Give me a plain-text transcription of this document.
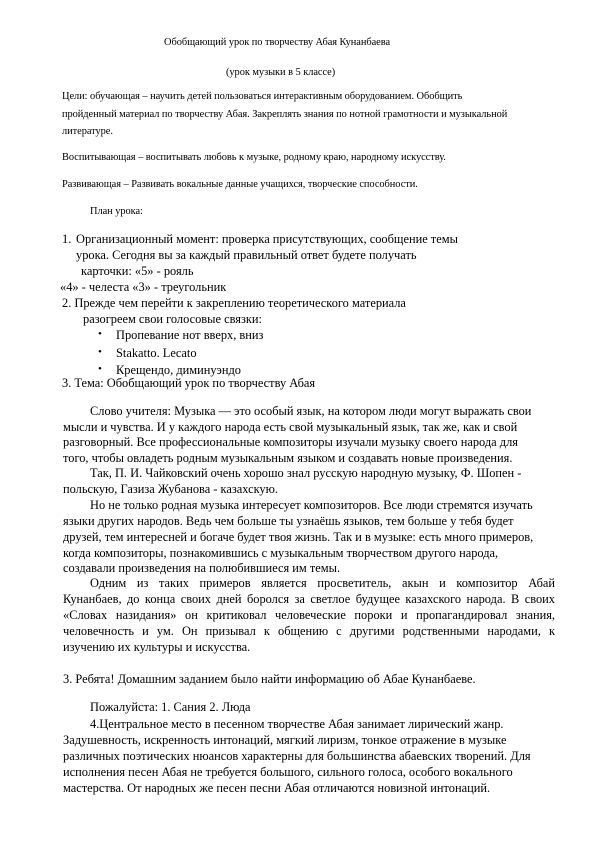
Обобщающий урок по творчеству Абая Кунанбаева
(урок музыки в 5 классе)
Цели: обучающая – научить детей пользоваться интерактивным оборудованием. Обобщить
пройденный материал по творчеству Абая. Закреплять знания по нотной грамотности и музыкальной
литературе.
Воспитывающая – воспитывать любовь к музыке, родному краю, народному искусству.
Развивающая – Развивать вокальные данные учащихся, творческие способности.
План урока:
1. Организационный момент: проверка присутствующих, сообщение темы
урока. Сегодня вы за каждый правильный ответ будете получать
карточки: «5» - рояль
«4» - челеста «3» - треугольник
2. Прежде чем перейти к закреплению теоретического материала
разогреем свои голосовые связки:
• Пропевание нот вверх, вниз
• Stakatto. Lecato
• Крещендо, диминуэндо
3. Тема: Обобщающий урок по творчеству Абая
Слово учителя: Музыка — это особый язык, на котором люди могут выражать свои
мысли и чувства. И у каждого народа есть свой музыкальный язык, так же, как и свой
разговорный. Все профессиональные композиторы изучали музыку своего народа для
того, чтобы овладеть родным музыкальным языком и создавать новые произведения.
Так, П. И. Чайковский очень хорошо знал русскую народную музыку, Ф. Шопен -
польскую, Газиза Жубанова - казахскую.
Но не только родная музыка интересует композиторов. Все люди стремятся изучать
языки других народов. Ведь чем больше ты узнаёшь языков, тем больше у тебя будет
друзей, тем интересней и богаче будет твоя жизнь. Так и в музыке: есть много примеров,
когда композиторы, познакомившись с музыкальным творчеством другого народа,
создавали произведения на полюбившиеся им темы.
Одним из таких примеров является просветитель, акын и композитор Абай
Кунанбаев, до конца своих дней боролся за светлое будущее казахского народа. В своих
«Словах назидания» он критиковал человеческие пороки и пропагандировал знания,
человечность и ум. Он призывал к общению с другими родственными народами, к
изучению их культуры и искусства.
3. Ребята! Домашним заданием было найти информацию об Абае Кунанбаеве.
Пожалуйста: 1. Сания 2. Люда
4.Центральное место в песенном творчестве Абая занимает лирический жанр.
Задушевность, искренность интонаций, мягкий лиризм, тонкое отражение в музыке
различных поэтических нюансов характерны для большинства абаевских творений. Для
исполнения песен Абая не требуется большого, сильного голоса, особого вокального
мастерства. От народных же песен песни Абая отличаются новизной интонаций.
